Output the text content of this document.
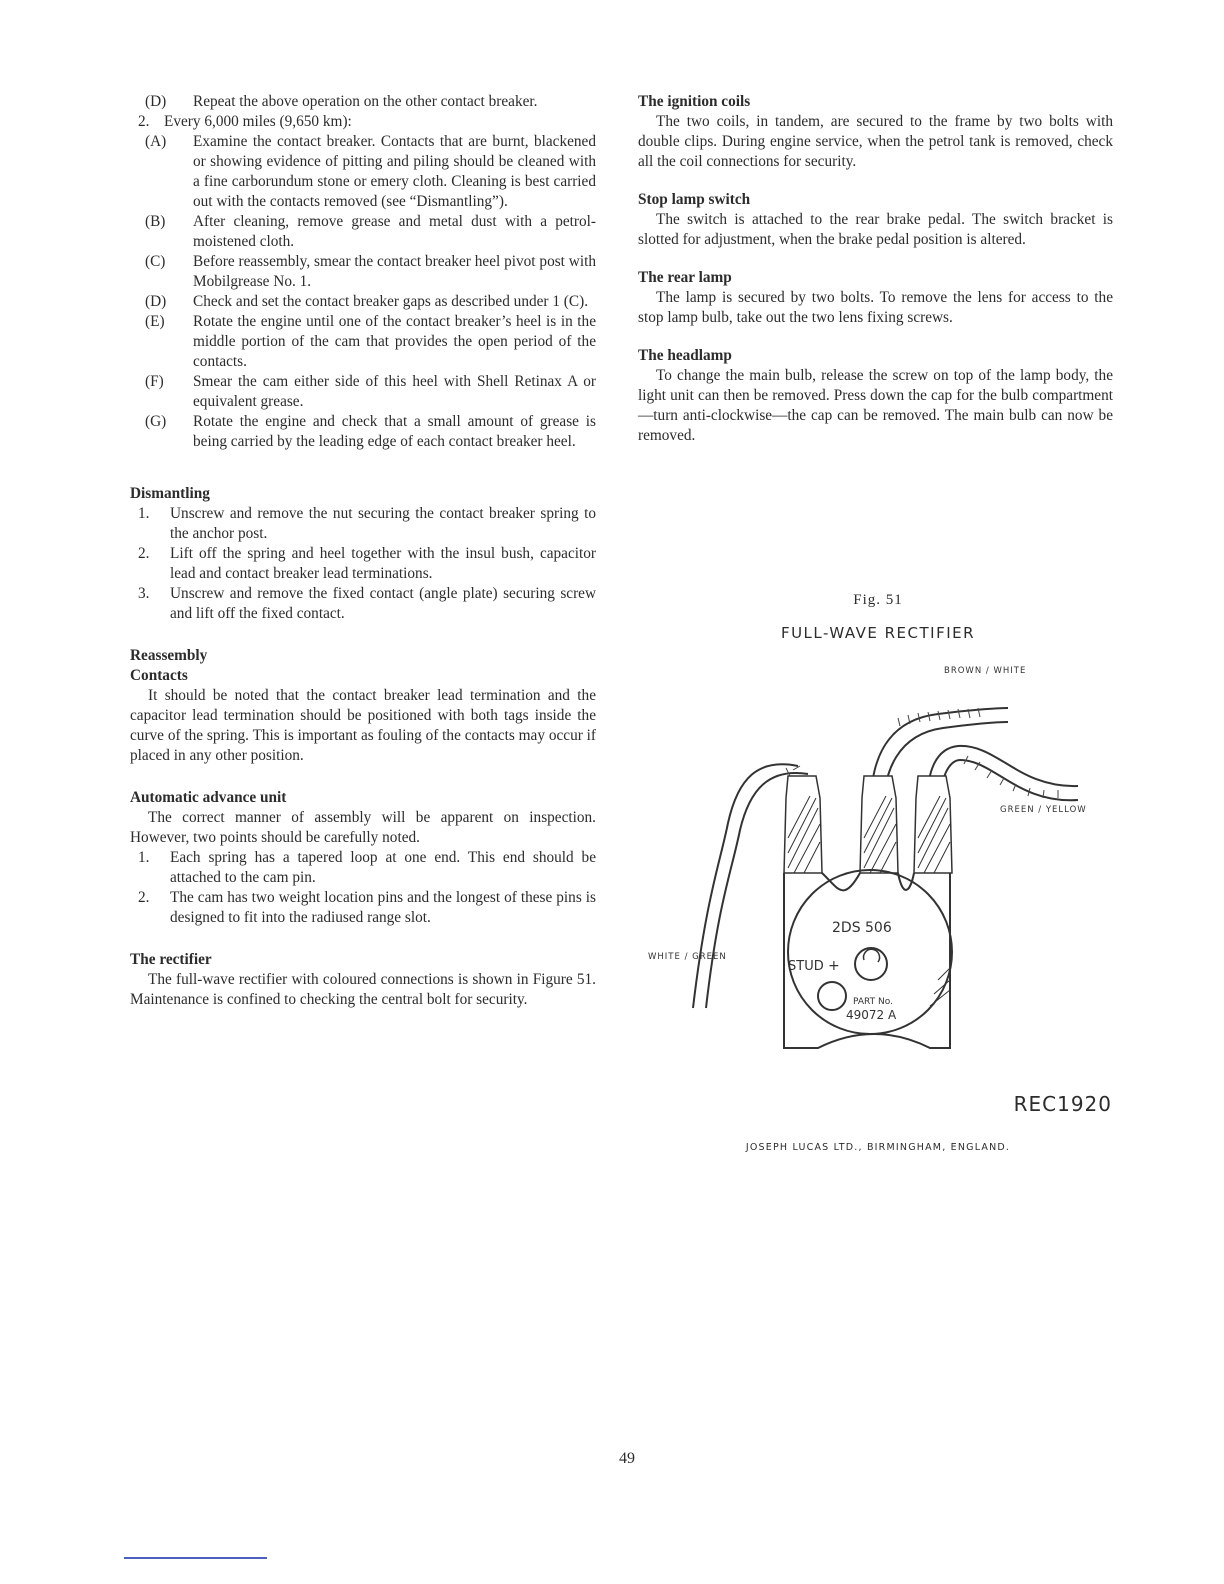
(D) Repeat the above operation on the other contact breaker.
2. Every 6,000 miles (9,650 km):
(A) Examine the contact breaker. Contacts that are burnt, blackened or showing evidence of pitting and piling should be cleaned with a fine carborundum stone or emery cloth. Cleaning is best carried out with the contacts removed (see “Dismantling”).
(B) After cleaning, remove grease and metal dust with a petrol-moistened cloth.
(C) Before reassembly, smear the contact breaker heel pivot post with Mobilgrease No. 1.
(D) Check and set the contact breaker gaps as described under 1 (C).
(E) Rotate the engine until one of the contact breaker’s heel is in the middle portion of the cam that provides the open period of the contacts.
(F) Smear the cam either side of this heel with Shell Retinax A or equivalent grease.
(G) Rotate the engine and check that a small amount of grease is being carried by the leading edge of each contact breaker heel.
Dismantling
1. Unscrew and remove the nut securing the contact breaker spring to the anchor post.
2. Lift off the spring and heel together with the insul bush, capacitor lead and contact breaker lead terminations.
3. Unscrew and remove the fixed contact (angle plate) securing screw and lift off the fixed contact.
Reassembly
Contacts

It should be noted that the contact breaker lead termination and the capacitor lead termination should be positioned with both tags inside the curve of the spring. This is important as fouling of the contacts may occur if placed in any other position.

Automatic advance unit

The correct manner of assembly will be apparent on inspection. However, two points should be carefully noted.

1. Each spring has a tapered loop at one end. This end should be attached to the cam pin.
2. The cam has two weight location pins and the longest of these pins is designed to fit into the radiused range slot.
The rectifier

The full-wave rectifier with coloured connections is shown in Figure 51. Maintenance is confined to checking the central bolt for security.

The ignition coils

The two coils, in tandem, are secured to the frame by two bolts with double clips. During engine service, when the petrol tank is removed, check all the coil connections for security.

Stop lamp switch

The switch is attached to the rear brake pedal. The switch bracket is slotted for adjustment, when the brake pedal position is altered.

The rear lamp

The lamp is secured by two bolts. To remove the lens for access to the stop lamp bulb, take out the two lens fixing screws.

The headlamp

To change the main bulb, release the screw on top of the lamp body, the light unit can then be removed. Press down the cap for the bulb compartment—turn anti-clockwise—the cap can be removed. The main bulb can now be removed.

Fig. 51
FULL-WAVE RECTIFIER
2DS 506
STUD +
PART No.
49072 A
BROWN / WHITE
GREEN / YELLOW
WHITE / GREEN
REC1920
JOSEPH LUCAS LTD., BIRMINGHAM, ENGLAND.
49
